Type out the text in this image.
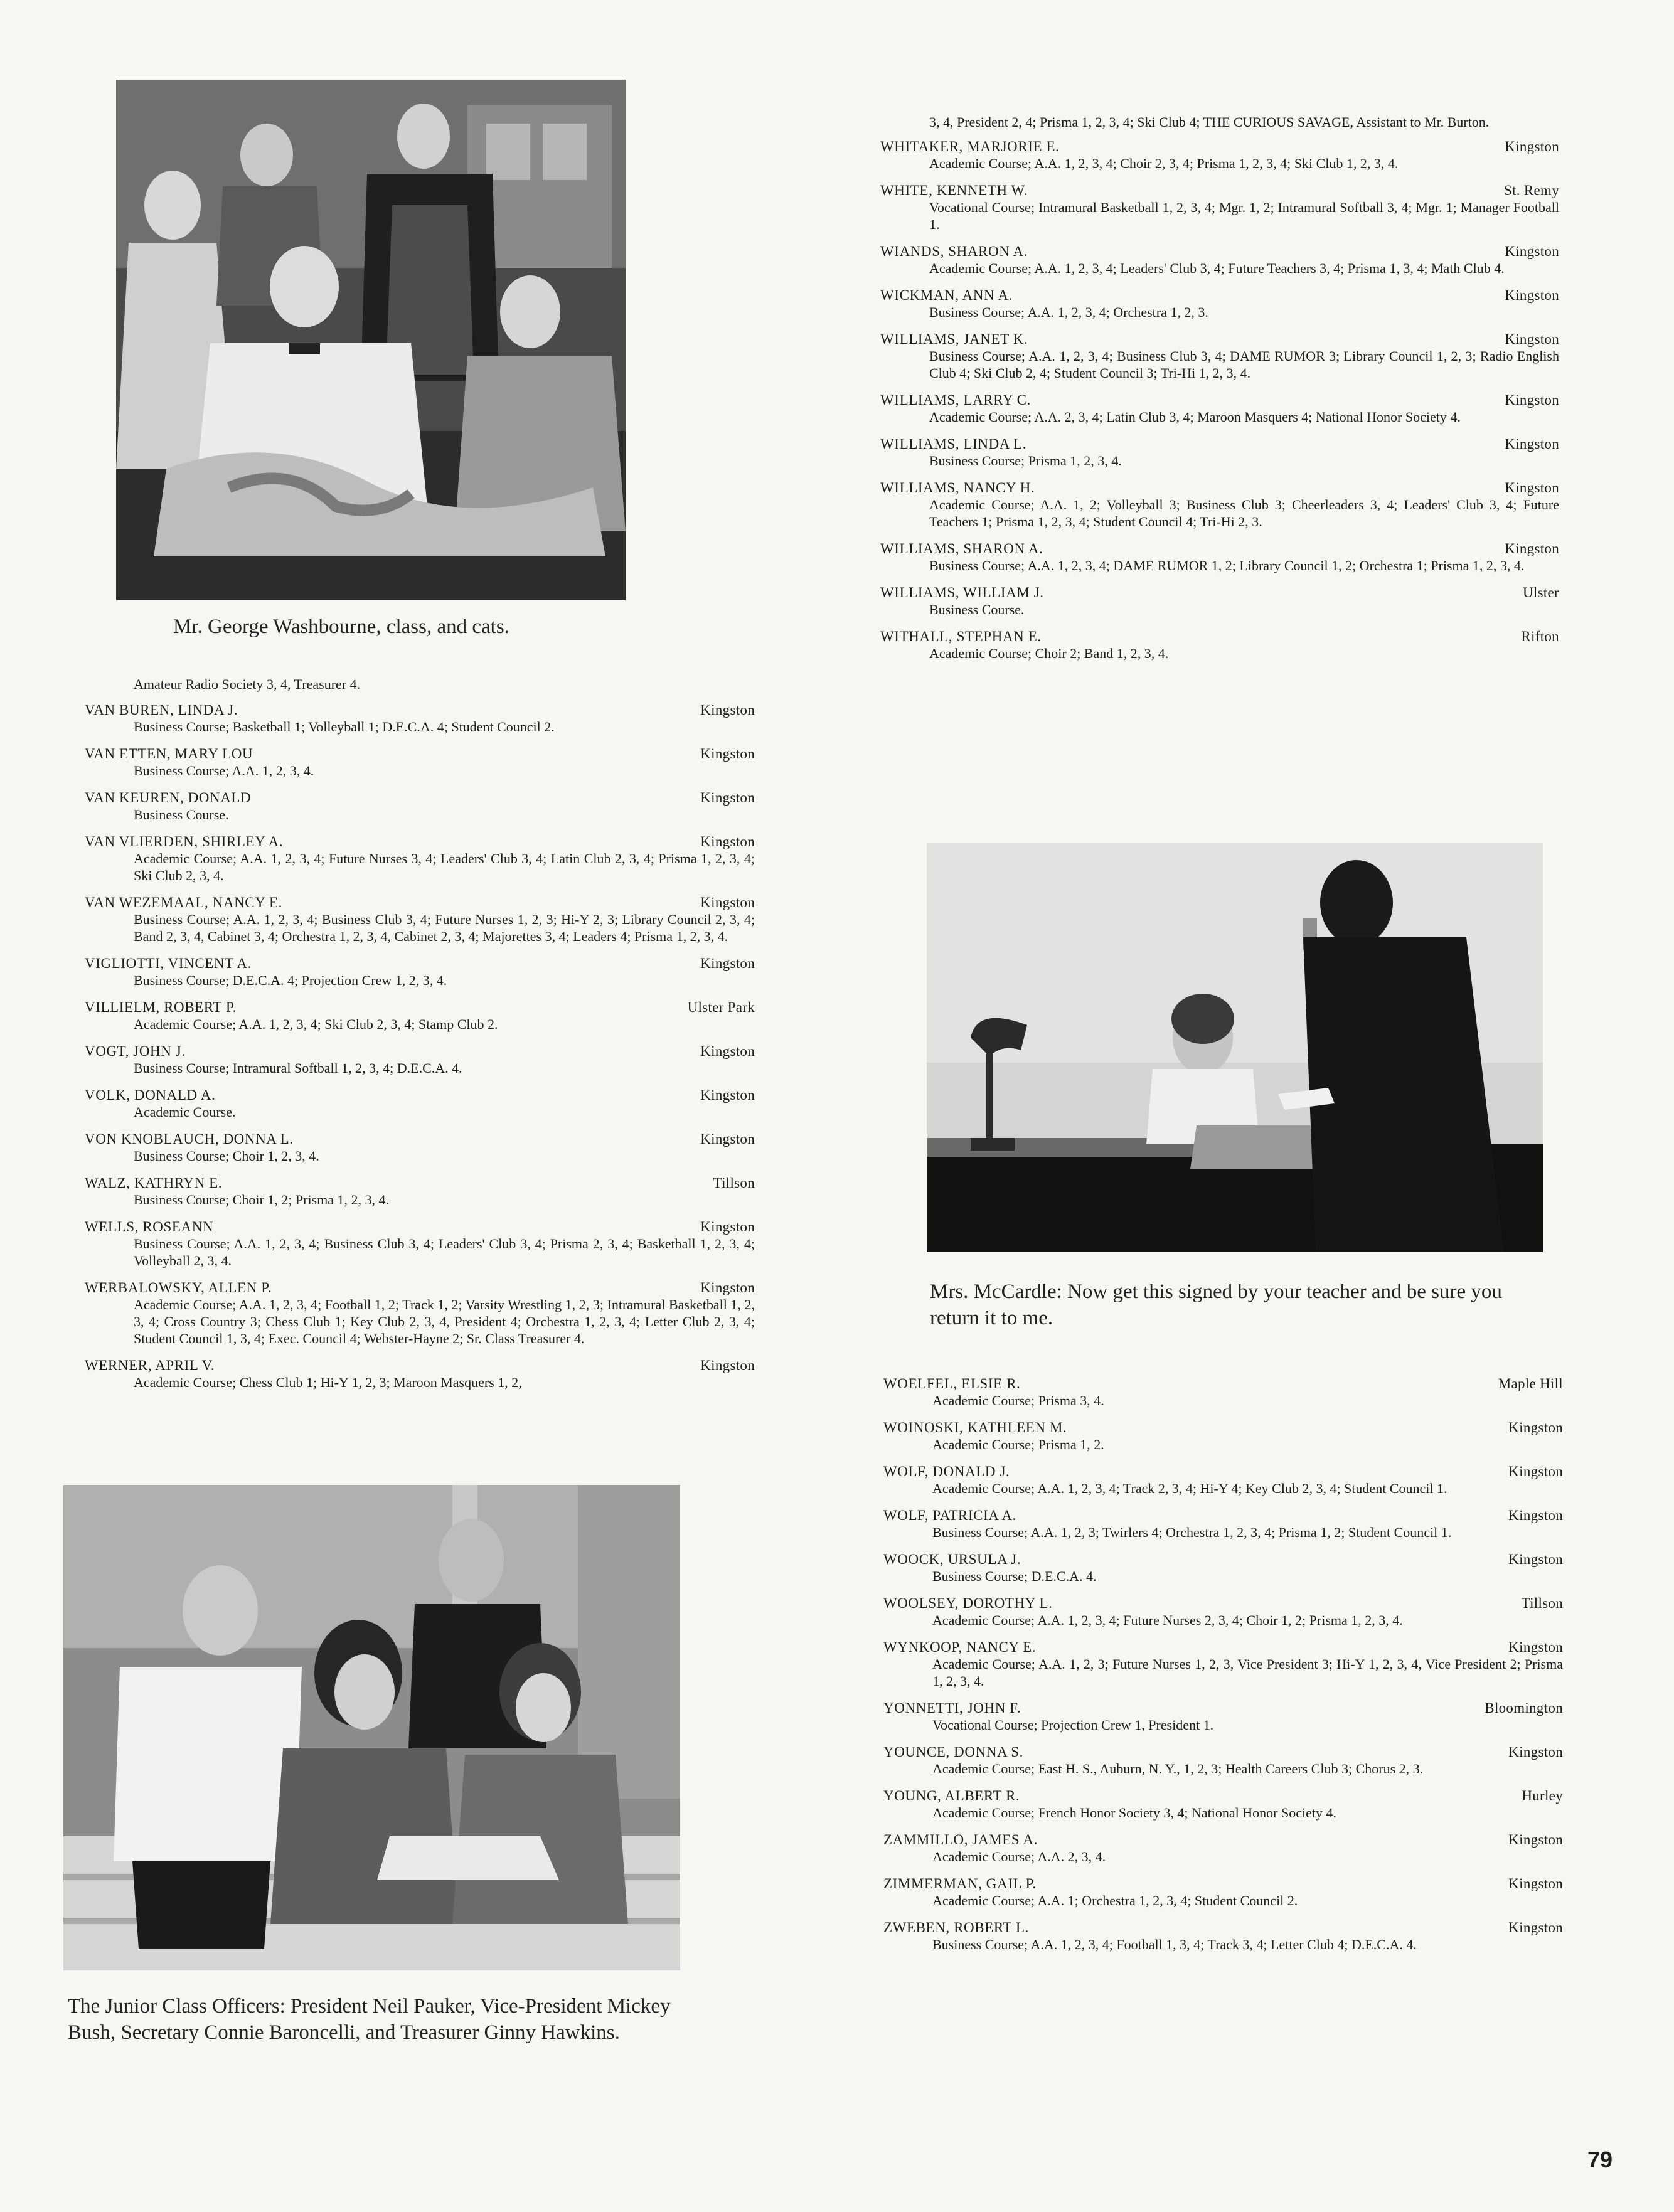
Mr. George Washbourne, class, and cats.
Amateur Radio Society 3, 4, Treasurer 4.
VAN BUREN, LINDA J.	Kingston
Business Course; Basketball 1; Volleyball 1; D.E.C.A. 4; Student Council 2.
VAN ETTEN, MARY LOU	Kingston
Business Course; A.A. 1, 2, 3, 4.
VAN KEUREN, DONALD	Kingston
Business Course.
VAN VLIERDEN, SHIRLEY A.	Kingston
Academic Course; A.A. 1, 2, 3, 4; Future Nurses 3, 4; Leaders' Club 3, 4; Latin Club 2, 3, 4; Prisma 1, 2, 3, 4; Ski Club 2, 3, 4.
VAN WEZEMAAL, NANCY E.	Kingston
Business Course; A.A. 1, 2, 3, 4; Business Club 3, 4; Future Nurses 1, 2, 3; Hi-Y 2, 3; Library Council 2, 3, 4; Band 2, 3, 4, Cabinet 3, 4; Orchestra 1, 2, 3, 4, Cabinet 2, 3, 4; Majorettes 3, 4; Leaders 4; Prisma 1, 2, 3, 4.
VIGLIOTTI, VINCENT A.	Kingston
Business Course; D.E.C.A. 4; Projection Crew 1, 2, 3, 4.
VILLIELM, ROBERT P.	Ulster Park
Academic Course; A.A. 1, 2, 3, 4; Ski Club 2, 3, 4; Stamp Club 2.
VOGT, JOHN J.	Kingston
Business Course; Intramural Softball 1, 2, 3, 4; D.E.C.A. 4.
VOLK, DONALD A.	Kingston
Academic Course.
VON KNOBLAUCH, DONNA L.	Kingston
Business Course; Choir 1, 2, 3, 4.
WALZ, KATHRYN E.	Tillson
Business Course; Choir 1, 2; Prisma 1, 2, 3, 4.
WELLS, ROSEANN	Kingston
Business Course; A.A. 1, 2, 3, 4; Business Club 3, 4; Leaders' Club 3, 4; Prisma 2, 3, 4; Basketball 1, 2, 3, 4; Volleyball 2, 3, 4.
WERBALOWSKY, ALLEN P.	Kingston
Academic Course; A.A. 1, 2, 3, 4; Football 1, 2; Track 1, 2; Varsity Wrestling 1, 2, 3; Intramural Basketball 1, 2, 3, 4; Cross Country 3; Chess Club 1; Key Club 2, 3, 4, President 4; Orchestra 1, 2, 3, 4; Letter Club 2, 3, 4; Student Council 1, 3, 4; Exec. Council 4; Webster-Hayne 2; Sr. Class Treasurer 4.
WERNER, APRIL V.	Kingston
Academic Course; Chess Club 1; Hi-Y 1, 2, 3; Maroon Masquers 1, 2,
The Junior Class Officers: President Neil Pauker, Vice-President Mickey Bush, Secretary Connie Baroncelli, and Treasurer Ginny Hawkins.
3, 4, President 2, 4; Prisma 1, 2, 3, 4; Ski Club 4; THE CURIOUS SAVAGE, Assistant to Mr. Burton.
WHITAKER, MARJORIE E.	Kingston
Academic Course; A.A. 1, 2, 3, 4; Choir 2, 3, 4; Prisma 1, 2, 3, 4; Ski Club 1, 2, 3, 4.
WHITE, KENNETH W.	St. Remy
Vocational Course; Intramural Basketball 1, 2, 3, 4; Mgr. 1, 2; Intramural Softball 3, 4; Mgr. 1; Manager Football 1.
WIANDS, SHARON A.	Kingston
Academic Course; A.A. 1, 2, 3, 4; Leaders' Club 3, 4; Future Teachers 3, 4; Prisma 1, 3, 4; Math Club 4.
WICKMAN, ANN A.	Kingston
Business Course; A.A. 1, 2, 3, 4; Orchestra 1, 2, 3.
WILLIAMS, JANET K.	Kingston
Business Course; A.A. 1, 2, 3, 4; Business Club 3, 4; DAME RUMOR 3; Library Council 1, 2, 3; Radio English Club 4; Ski Club 2, 4; Student Council 3; Tri-Hi 1, 2, 3, 4.
WILLIAMS, LARRY C.	Kingston
Academic Course; A.A. 2, 3, 4; Latin Club 3, 4; Maroon Masquers 4; National Honor Society 4.
WILLIAMS, LINDA L.	Kingston
Business Course; Prisma 1, 2, 3, 4.
WILLIAMS, NANCY H.	Kingston
Academic Course; A.A. 1, 2; Volleyball 3; Business Club 3; Cheerleaders 3, 4; Leaders' Club 3, 4; Future Teachers 1; Prisma 1, 2, 3, 4; Student Council 4; Tri-Hi 2, 3.
WILLIAMS, SHARON A.	Kingston
Business Course; A.A. 1, 2, 3, 4; DAME RUMOR 1, 2; Library Council 1, 2; Orchestra 1; Prisma 1, 2, 3, 4.
WILLIAMS, WILLIAM J.	Ulster
Business Course.
WITHALL, STEPHAN E.	Rifton
Academic Course; Choir 2; Band 1, 2, 3, 4.
Mrs. McCardle: Now get this signed by your teacher and be sure you return it to me.
WOELFEL, ELSIE R.	Maple Hill
Academic Course; Prisma 3, 4.
WOINOSKI, KATHLEEN M.	Kingston
Academic Course; Prisma 1, 2.
WOLF, DONALD J.	Kingston
Academic Course; A.A. 1, 2, 3, 4; Track 2, 3, 4; Hi-Y 4; Key Club 2, 3, 4; Student Council 1.
WOLF, PATRICIA A.	Kingston
Business Course; A.A. 1, 2, 3; Twirlers 4; Orchestra 1, 2, 3, 4; Prisma 1, 2; Student Council 1.
WOOCK, URSULA J.	Kingston
Business Course; D.E.C.A. 4.
WOOLSEY, DOROTHY L.	Tillson
Academic Course; A.A. 1, 2, 3, 4; Future Nurses 2, 3, 4; Choir 1, 2; Prisma 1, 2, 3, 4.
WYNKOOP, NANCY E.	Kingston
Academic Course; A.A. 1, 2, 3; Future Nurses 1, 2, 3, Vice President 3; Hi-Y 1, 2, 3, 4, Vice President 2; Prisma 1, 2, 3, 4.
YONNETTI, JOHN F.	Bloomington
Vocational Course; Projection Crew 1, President 1.
YOUNCE, DONNA S.	Kingston
Academic Course; East H. S., Auburn, N. Y., 1, 2, 3; Health Careers Club 3; Chorus 2, 3.
YOUNG, ALBERT R.	Hurley
Academic Course; French Honor Society 3, 4; National Honor Society 4.
ZAMMILLO, JAMES A.	Kingston
Academic Course; A.A. 2, 3, 4.
ZIMMERMAN, GAIL P.	Kingston
Academic Course; A.A. 1; Orchestra 1, 2, 3, 4; Student Council 2.
ZWEBEN, ROBERT L.	Kingston
Business Course; A.A. 1, 2, 3, 4; Football 1, 3, 4; Track 3, 4; Letter Club 4; D.E.C.A. 4.
79
